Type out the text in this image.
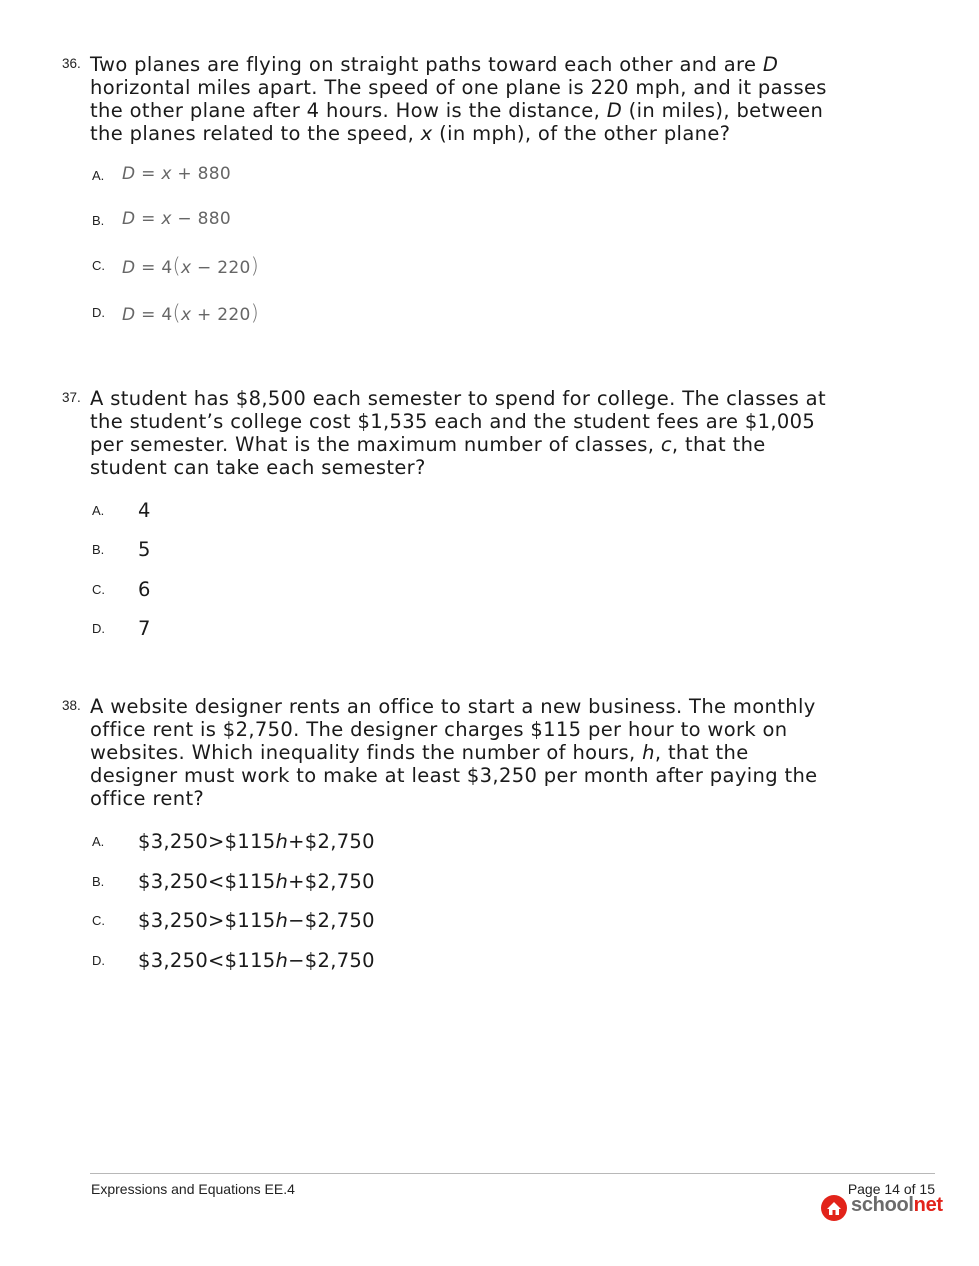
36. Two planes are flying on straight paths toward each other and are D
horizontal miles apart. The speed of one plane is 220 mph, and it passes
the other plane after 4 hours. How is the distance, D (in miles), between
the planes related to the speed, x (in mph), of the other plane?
A.	D = x + 880
B.	D = x − 880
C.	D = 4(x − 220)
D.	D = 4(x + 220)
37. A student has $8,500 each semester to spend for college. The classes at
the student’s college cost $1,535 each and the student fees are $1,005
per semester. What is the maximum number of classes, c, that the
student can take each semester?
A.	4
B.	5
C.	6
D.	7
38. A website designer rents an office to start a new business. The monthly
office rent is $2,750. The designer charges $115 per hour to work on
websites. Which inequality finds the number of hours, h, that the
designer must work to make at least $3,250 per month after paying the
office rent?
A.	$3,250>$115h+$2,750
B.	$3,250<$115h+$2,750
C.	$3,250>$115h−$2,750
D.	$3,250<$115h−$2,750
Expressions and Equations EE.4	Page 14 of 15
schoolnet
